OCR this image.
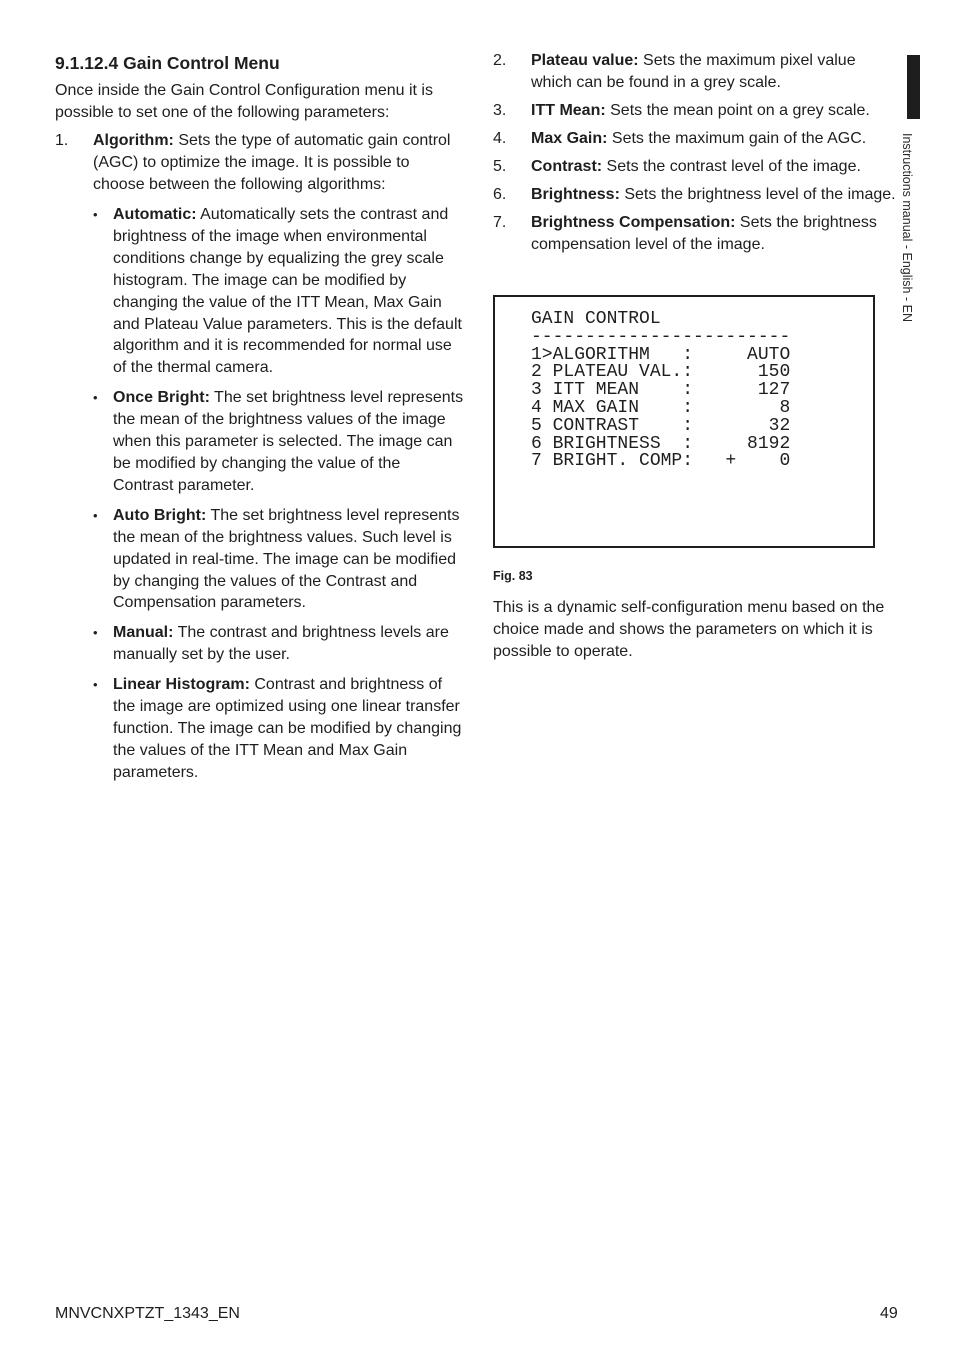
9.1.12.4 Gain Control Menu

Once inside the Gain Control Configuration menu it is possible to set one of the following parameters:

1.	Algorithm: Sets the type of automatic gain control (AGC) to optimize the image. It is possible to choose between the following algorithms:
• Automatic: Automatically sets the contrast and brightness of the image when environmental conditions change by equalizing the grey scale histogram. The image can be modified by changing the value of the ITT Mean, Max Gain and Plateau Value parameters. This is the default algorithm and it is recommended for normal use of the thermal camera.
• Once Bright: The set brightness level represents the mean of the brightness values of the image when this parameter is selected. The image can be modified by changing the value of the Contrast parameter.
• Auto Bright: The set brightness level represents the mean of the brightness values. Such level is updated in real-time. The image can be modified by changing the values of the Contrast and Compensation parameters.
• Manual: The contrast and brightness levels are manually set by the user.
• Linear Histogram: Contrast and brightness of the image are optimized using one linear transfer function. The image can be modified by changing the values of the ITT Mean and Max Gain parameters.
2.	Plateau value: Sets the maximum pixel value which can be found in a grey scale.
3.	ITT Mean: Sets the mean point on a grey scale.
4.	Max Gain: Sets the maximum gain of the AGC.
5.	Contrast: Sets the contrast level of the image.
6.	Brightness: Sets the brightness level of the image.
7.	Brightness Compensation: Sets the brightness compensation level of the image.
GAIN CONTROL
------------------------
1>ALGORITHM   :     AUTO
2 PLATEAU VAL.:      150
3 ITT MEAN    :      127
4 MAX GAIN    :        8
5 CONTRAST    :       32
6 BRIGHTNESS  :     8192
7 BRIGHT. COMP:   +    0
Fig. 83

This is a dynamic self-configuration menu based on the choice made and shows the parameters on which it is possible to operate.

Instructions manual - English - EN
MNVCNXPTZT_1343_EN	49
